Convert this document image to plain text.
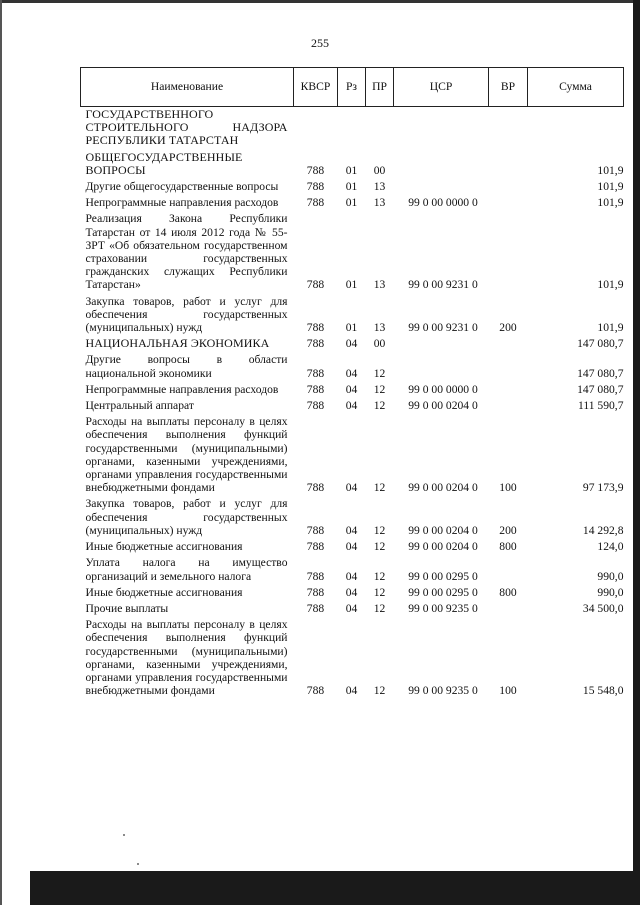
255
Наименование	КВСР	Рз	ПР	ЦСР	ВР	Сумма
ГОСУДАРСТВЕННОГО СТРОИТЕЛЬНОГО НАДЗОРА РЕСПУБЛИКИ ТАТАРСТАН						
ОБЩЕГОСУДАРСТВЕННЫЕ ВОПРОСЫ	788	01	00			101,9
Другие общегосударственные вопросы	788	01	13			101,9
Непрограммные направления расходов	788	01	13	99 0 00 0000 0		101,9
Реализация Закона Республики Татарстан от 14 июля 2012 года № 55-ЗРТ «Об обязательном государственном страховании государственных гражданских служащих Республики Татарстан»	788	01	13	99 0 00 9231 0		101,9
Закупка товаров, работ и услуг для обеспечения государственных (муниципальных) нужд	788	01	13	99 0 00 9231 0	200	101,9
НАЦИОНАЛЬНАЯ ЭКОНОМИКА	788	04	00			147 080,7
Другие вопросы в области национальной экономики	788	04	12			147 080,7
Непрограммные направления расходов	788	04	12	99 0 00 0000 0		147 080,7
Центральный аппарат	788	04	12	99 0 00 0204 0		111 590,7
Расходы на выплаты персоналу в целях обеспечения выполнения функций государственными (муниципальными) органами, казенными учреждениями, органами управления государственными внебюджетными фондами	788	04	12	99 0 00 0204 0	100	97 173,9
Закупка товаров, работ и услуг для обеспечения государственных (муниципальных) нужд	788	04	12	99 0 00 0204 0	200	14 292,8
Иные бюджетные ассигнования	788	04	12	99 0 00 0204 0	800	124,0
Уплата налога на имущество организаций и земельного налога	788	04	12	99 0 00 0295 0		990,0
Иные бюджетные ассигнования	788	04	12	99 0 00 0295 0	800	990,0
Прочие выплаты	788	04	12	99 0 00 9235 0		34 500,0
Расходы на выплаты персоналу в целях обеспечения выполнения функций государственными (муниципальными) органами, казенными учреждениями, органами управления государственными внебюджетными фондами	788	04	12	99 0 00 9235 0	100	15 548,0
